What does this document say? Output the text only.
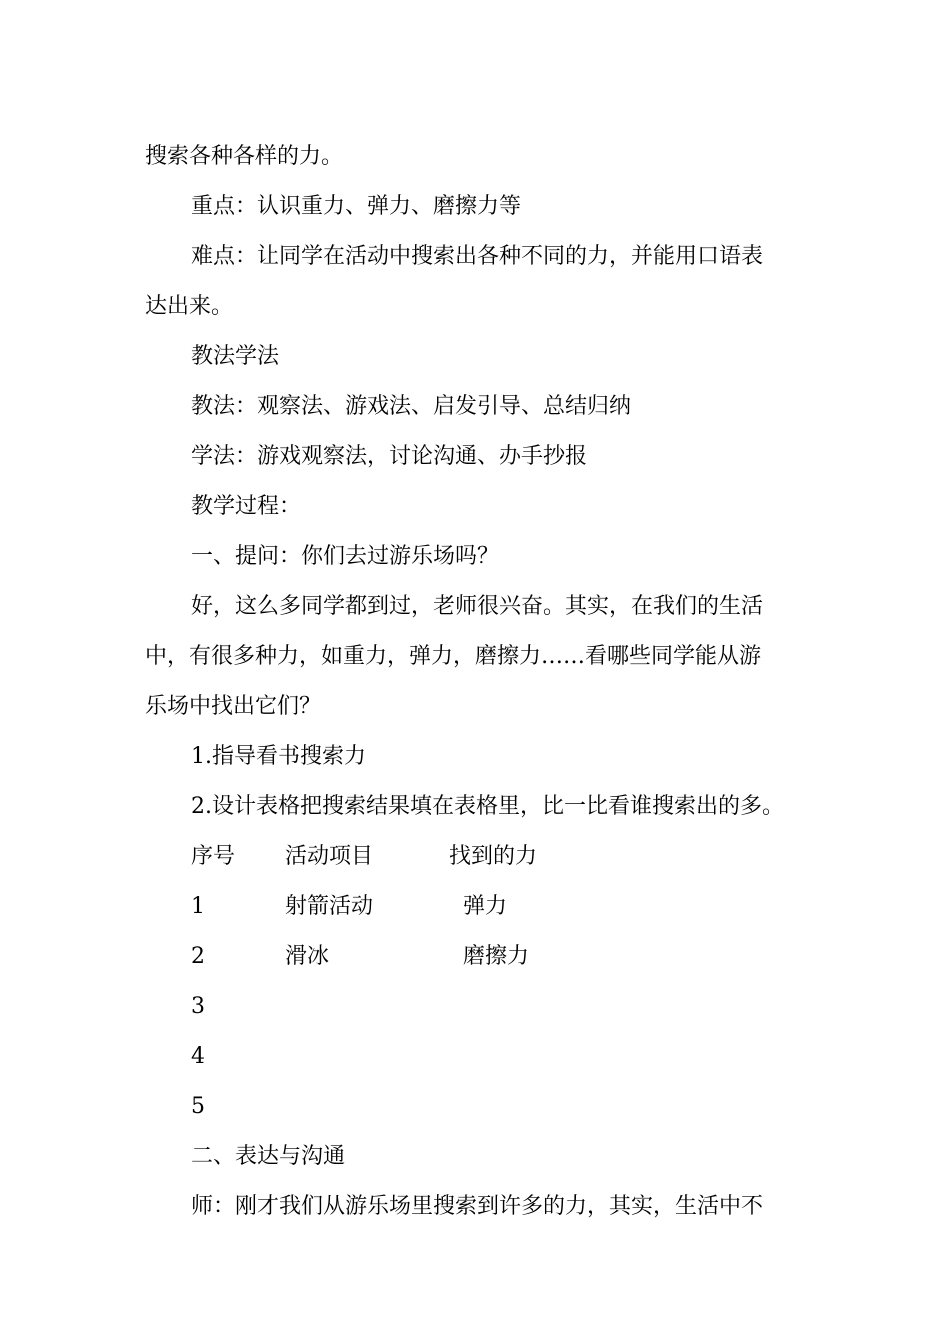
搜索各种各样的力。
重点：认识重力、弹力、磨擦力等
难点：让同学在活动中搜索出各种不同的力，并能用口语表
达出来。
教法学法
教法：观察法、游戏法、启发引导、总结归纳
学法：游戏观察法，讨论沟通、办手抄报
教学过程：
一、提问：你们去过游乐场吗？
好，这么多同学都到过，老师很兴奋。其实，在我们的生活
中，有很多种力，如重力，弹力，磨擦力……看哪些同学能从游
乐场中找出它们？
1.指导看书搜索力
2.设计表格把搜索结果填在表格里，比一比看谁搜索出的多。
序号 活动项目	找到的力
1	射箭活动	弹力
2	滑冰	磨擦力
3
4
5
二、表达与沟通
师：刚才我们从游乐场里搜索到许多的力，其实，生活中不
